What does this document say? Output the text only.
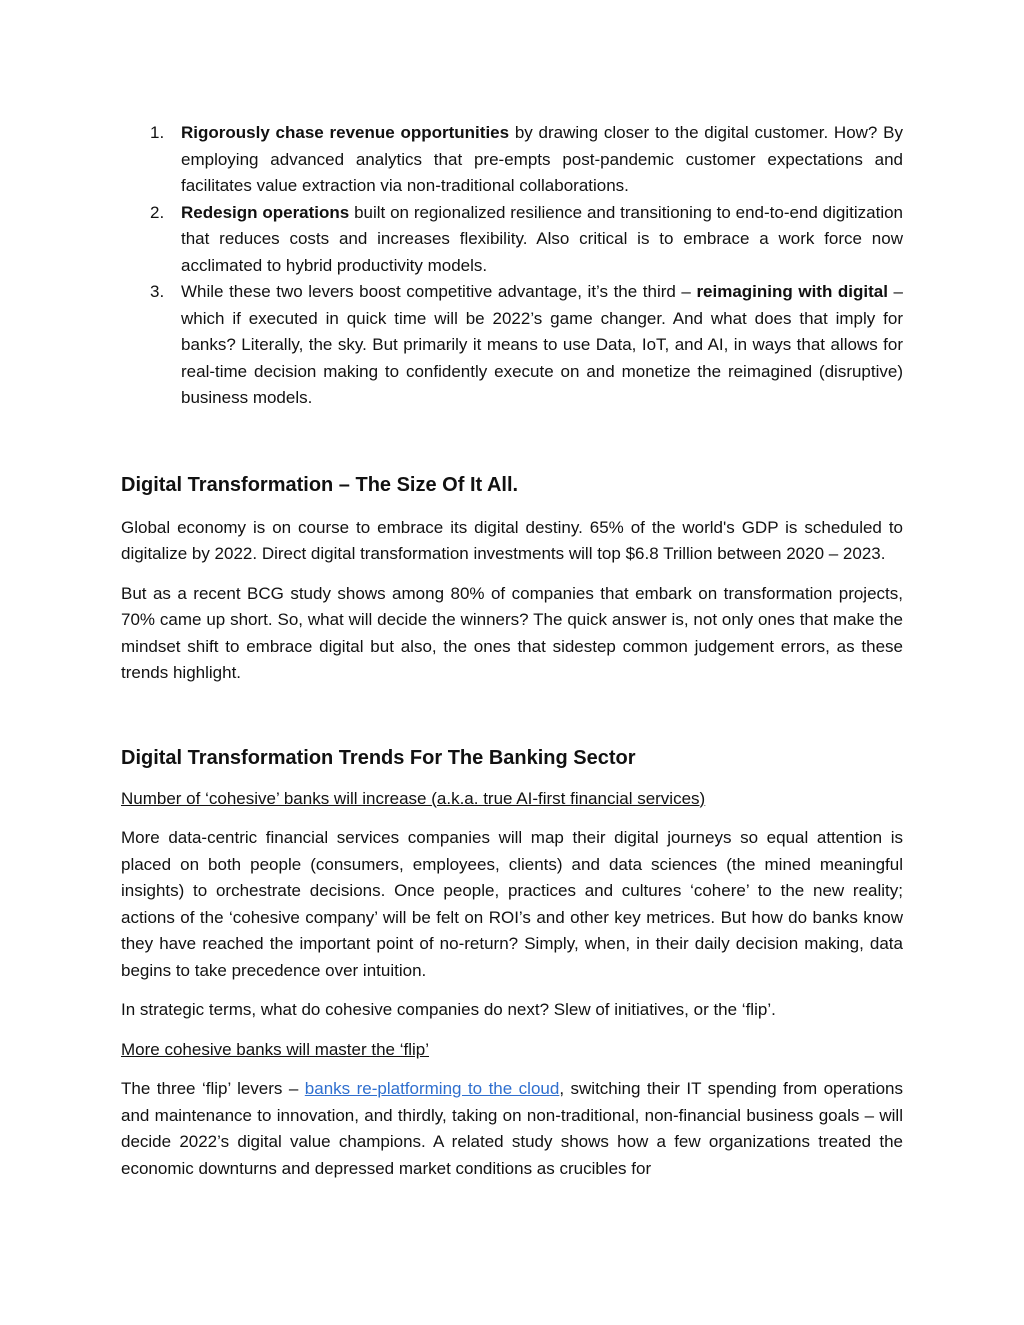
1. Rigorously chase revenue opportunities by drawing closer to the digital customer. How? By employing advanced analytics that pre-empts post-pandemic customer expectations and facilitates value extraction via non-traditional collaborations.
2. Redesign operations built on regionalized resilience and transitioning to end-to-end digitization that reduces costs and increases flexibility. Also critical is to embrace a work force now acclimated to hybrid productivity models.
3. While these two levers boost competitive advantage, it’s the third – reimagining with digital – which if executed in quick time will be 2022’s game changer. And what does that imply for banks? Literally, the sky. But primarily it means to use Data, IoT, and AI, in ways that allows for real-time decision making to confidently execute on and monetize the reimagined (disruptive) business models.
Digital Transformation – The Size Of It All.

Global economy is on course to embrace its digital destiny. 65% of the world's GDP is scheduled to digitalize by 2022. Direct digital transformation investments will top $6.8 Trillion between 2020 – 2023.

But as a recent BCG study shows among 80% of companies that embark on transformation projects, 70% came up short. So, what will decide the winners? The quick answer is, not only ones that make the mindset shift to embrace digital but also, the ones that sidestep common judgement errors, as these trends highlight.

Digital Transformation Trends For The Banking Sector

Number of ‘cohesive’ banks will increase (a.k.a. true AI-first financial services)

More data-centric financial services companies will map their digital journeys so equal attention is placed on both people (consumers, employees, clients) and data sciences (the mined meaningful insights) to orchestrate decisions. Once people, practices and cultures ‘cohere’ to the new reality; actions of the ‘cohesive company’ will be felt on ROI’s and other key metrices. But how do banks know they have reached the important point of no-return? Simply, when, in their daily decision making, data begins to take precedence over intuition.

In strategic terms, what do cohesive companies do next? Slew of initiatives, or the ‘flip’.

More cohesive banks will master the ‘flip’

The three ‘flip’ levers – banks re-platforming to the cloud, switching their IT spending from operations and maintenance to innovation, and thirdly, taking on non-traditional, non-financial business goals – will decide 2022’s digital value champions. A related study shows how a few organizations treated the economic downturns and depressed market conditions as crucibles for
